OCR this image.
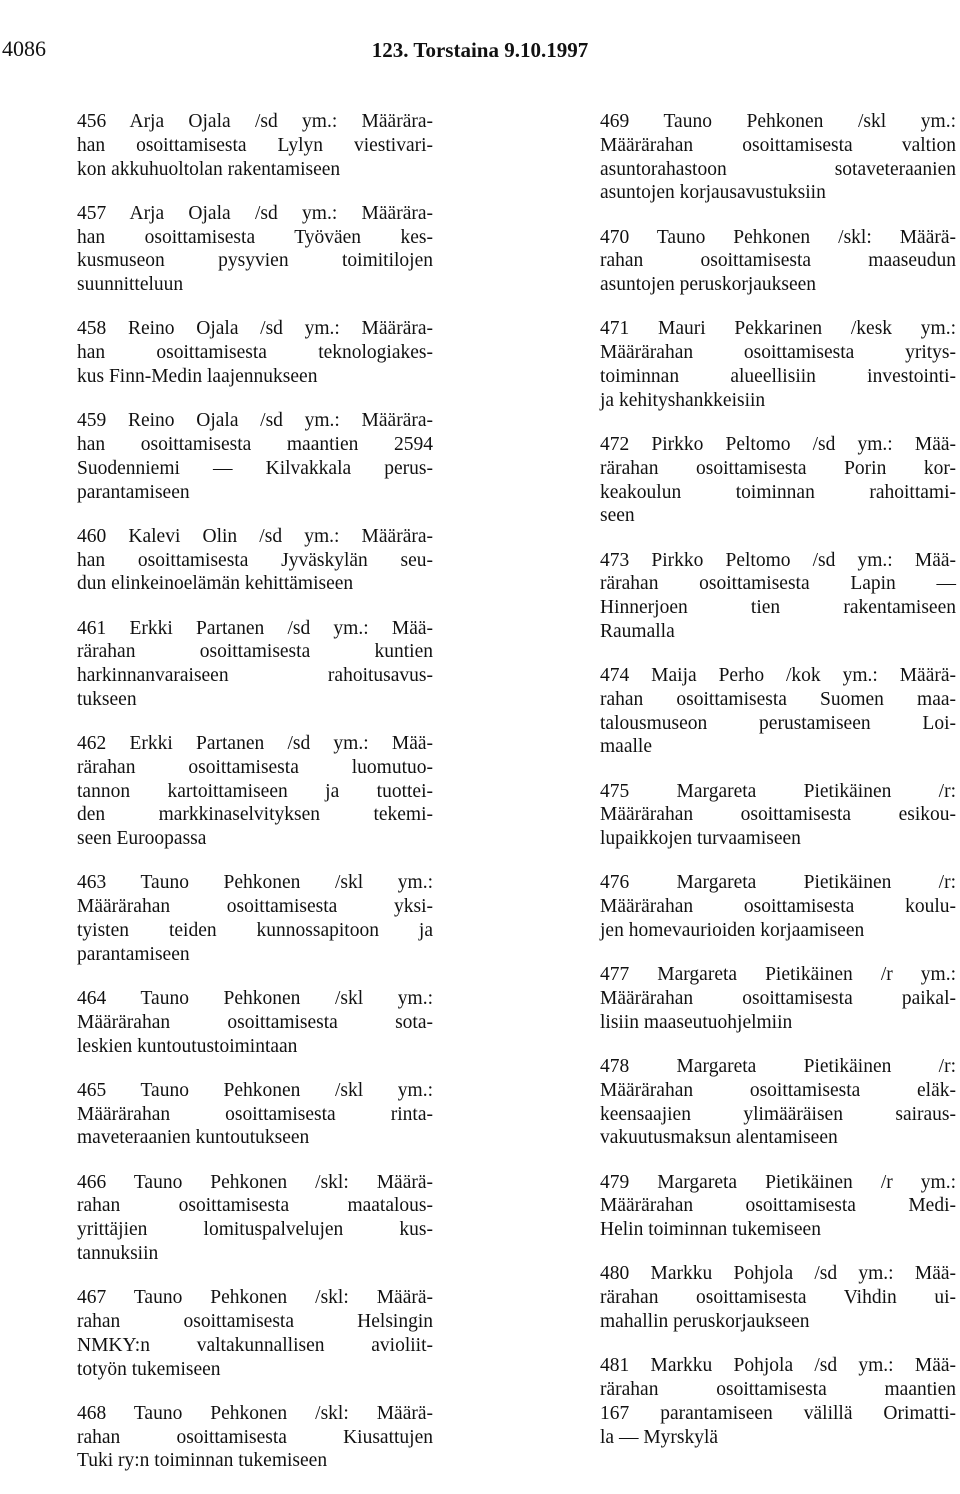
4086	123. Torstaina 9.10.1997
456 Arja Ojala /sd ym.: Määrära-
han osoittamisesta Lylyn viestivari-
kon akkuhuoltolan rakentamiseen
457 Arja Ojala /sd ym.: Määrära-
han osoittamisesta Työväen kes-
kusmuseon pysyvien toimitilojen
suunnitteluun
458 Reino Ojala /sd ym.: Määrära-
han osoittamisesta teknologiakes-
kus Finn-Medin laajennukseen
459 Reino Ojala /sd ym.: Määrära-
han osoittamisesta maantien 2594
Suodenniemi — Kilvakkala perus-
parantamiseen
460 Kalevi Olin /sd ym.: Määrära-
han osoittamisesta Jyväskylän seu-
dun elinkeinoelämän kehittämiseen
461 Erkki Partanen /sd ym.: Mää-
rärahan osoittamisesta kuntien
harkinnanvaraiseen rahoitusavus-
tukseen
462 Erkki Partanen /sd ym.: Mää-
rärahan osoittamisesta luomutuo-
tannon kartoittamiseen ja tuottei-
den markkinaselvityksen tekemi-
seen Euroopassa
463 Tauno Pehkonen /skl ym.:
Määrärahan osoittamisesta yksi-
tyisten teiden kunnossapitoon ja
parantamiseen
464 Tauno Pehkonen /skl ym.:
Määrärahan osoittamisesta sota-
leskien kuntoutustoimintaan
465 Tauno Pehkonen /skl ym.:
Määrärahan osoittamisesta rinta-
maveteraanien kuntoutukseen
466 Tauno Pehkonen /skl: Määrä-
rahan osoittamisesta maatalous-
yrittäjien lomituspalvelujen kus-
tannuksiin
467 Tauno Pehkonen /skl: Määrä-
rahan osoittamisesta Helsingin
NMKY:n valtakunnallisen avioliit-
totyön tukemiseen
468 Tauno Pehkonen /skl: Määrä-
rahan osoittamisesta Kiusattujen
Tuki ry:n toiminnan tukemiseen
469 Tauno Pehkonen /skl ym.:
Määrärahan osoittamisesta valtion
asuntorahastoon sotaveteraanien
asuntojen korjausavustuksiin
470 Tauno Pehkonen /skl: Määrä-
rahan osoittamisesta maaseudun
asuntojen peruskorjaukseen
471 Mauri Pekkarinen /kesk ym.:
Määrärahan osoittamisesta yritys-
toiminnan alueellisiin investointi-
ja kehityshankkeisiin
472 Pirkko Peltomo /sd ym.: Mää-
rärahan osoittamisesta Porin kor-
keakoulun toiminnan rahoittami-
seen
473 Pirkko Peltomo /sd ym.: Mää-
rärahan osoittamisesta Lapin —
Hinnerjoen tien rakentamiseen
Raumalla
474 Maija Perho /kok ym.: Määrä-
rahan osoittamisesta Suomen maa-
talousmuseon perustamiseen Loi-
maalle
475 Margareta Pietikäinen /r:
Määrärahan osoittamisesta esikou-
lupaikkojen turvaamiseen
476 Margareta Pietikäinen /r:
Määrärahan osoittamisesta koulu-
jen homevaurioiden korjaamiseen
477 Margareta Pietikäinen /r ym.:
Määrärahan osoittamisesta paikal-
lisiin maaseutuohjelmiin
478 Margareta Pietikäinen /r:
Määrärahan osoittamisesta eläk-
keensaajien ylimääräisen sairaus-
vakuutusmaksun alentamiseen
479 Margareta Pietikäinen /r ym.:
Määrärahan osoittamisesta Medi-
Helin toiminnan tukemiseen
480 Markku Pohjola /sd ym.: Mää-
rärahan osoittamisesta Vihdin ui-
mahallin peruskorjaukseen
481 Markku Pohjola /sd ym.: Mää-
rärahan osoittamisesta maantien
167 parantamiseen välillä Orimatti-
la — Myrskylä
